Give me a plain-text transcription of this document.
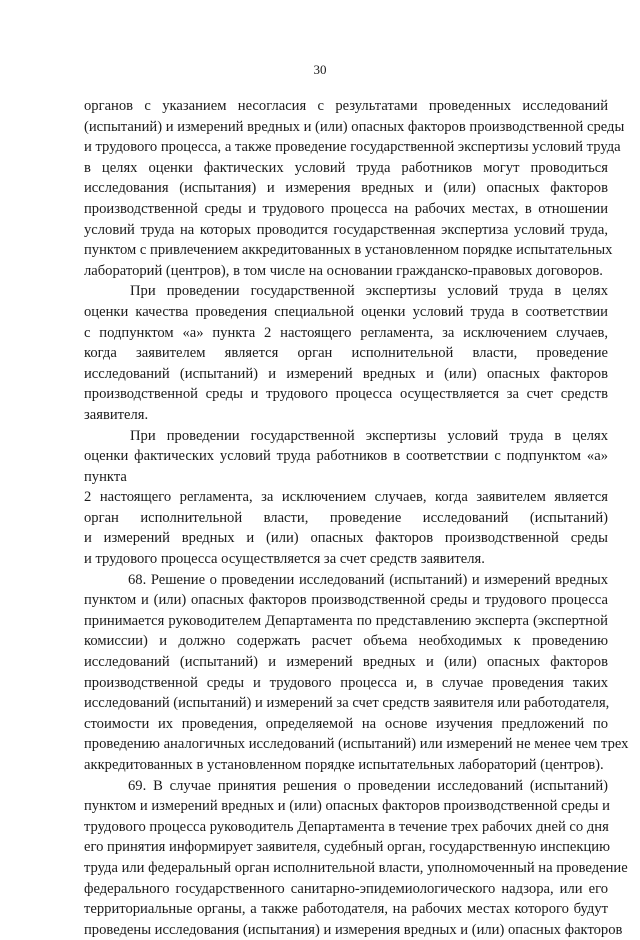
30
органов с указанием несогласия с результатами проведенных исследований
(испытаний) и измерений вредных и (или) опасных факторов производственной среды
и трудового процесса, а также проведение государственной экспертизы условий труда
в целях оценки фактических условий труда работников могут проводиться
исследования (испытания) и измерения вредных и (или) опасных факторов
производственной среды и трудового процесса на рабочих местах, в отношении
условий труда на которых проводится государственная экспертиза условий труда,
пунктом с привлечением аккредитованных в установленном порядке испытательных
лабораторий (центров), в том числе на основании гражданско-правовых договоров.
При проведении государственной экспертизы условий труда в целях
оценки качества проведения специальной оценки условий труда в соответствии
с подпунктом «а» пункта 2 настоящего регламента, за исключением случаев,
когда заявителем является орган исполнительной власти, проведение
исследований (испытаний) и измерений вредных и (или) опасных факторов
производственной среды и трудового процесса осуществляется за счет средств
заявителя.
При проведении государственной экспертизы условий труда в целях
оценки фактических условий труда работников в соответствии с подпунктом «а»
пункта
2 настоящего регламента, за исключением случаев, когда заявителем является
орган исполнительной власти, проведение исследований (испытаний)
и измерений вредных и (или) опасных факторов производственной среды
и трудового процесса осуществляется за счет средств заявителя.
68. Решение о проведении исследований (испытаний) и измерений вредных
пунктом и (или) опасных факторов производственной среды и трудового процесса
принимается руководителем Департамента по представлению эксперта (экспертной
комиссии) и должно содержать расчет объема необходимых к проведению
исследований (испытаний) и измерений вредных и (или) опасных факторов
производственной среды и трудового процесса и, в случае проведения таких
исследований (испытаний) и измерений за счет средств заявителя или работодателя,
стоимости их проведения, определяемой на основе изучения предложений по
проведению аналогичных исследований (испытаний) или измерений не менее чем трех
аккредитованных в установленном порядке испытательных лабораторий (центров).
69. В случае принятия решения о проведении исследований (испытаний)
пунктом и измерений вредных и (или) опасных факторов производственной среды и
трудового процесса руководитель Департамента в течение трех рабочих дней со дня
его принятия информирует заявителя, судебный орган, государственную инспекцию
труда или федеральный орган исполнительной власти, уполномоченный на проведение
федерального государственного санитарно-эпидемиологического надзора, или его
территориальные органы, а также работодателя, на рабочих местах которого будут
проведены исследования (испытания) и измерения вредных и (или) опасных факторов
